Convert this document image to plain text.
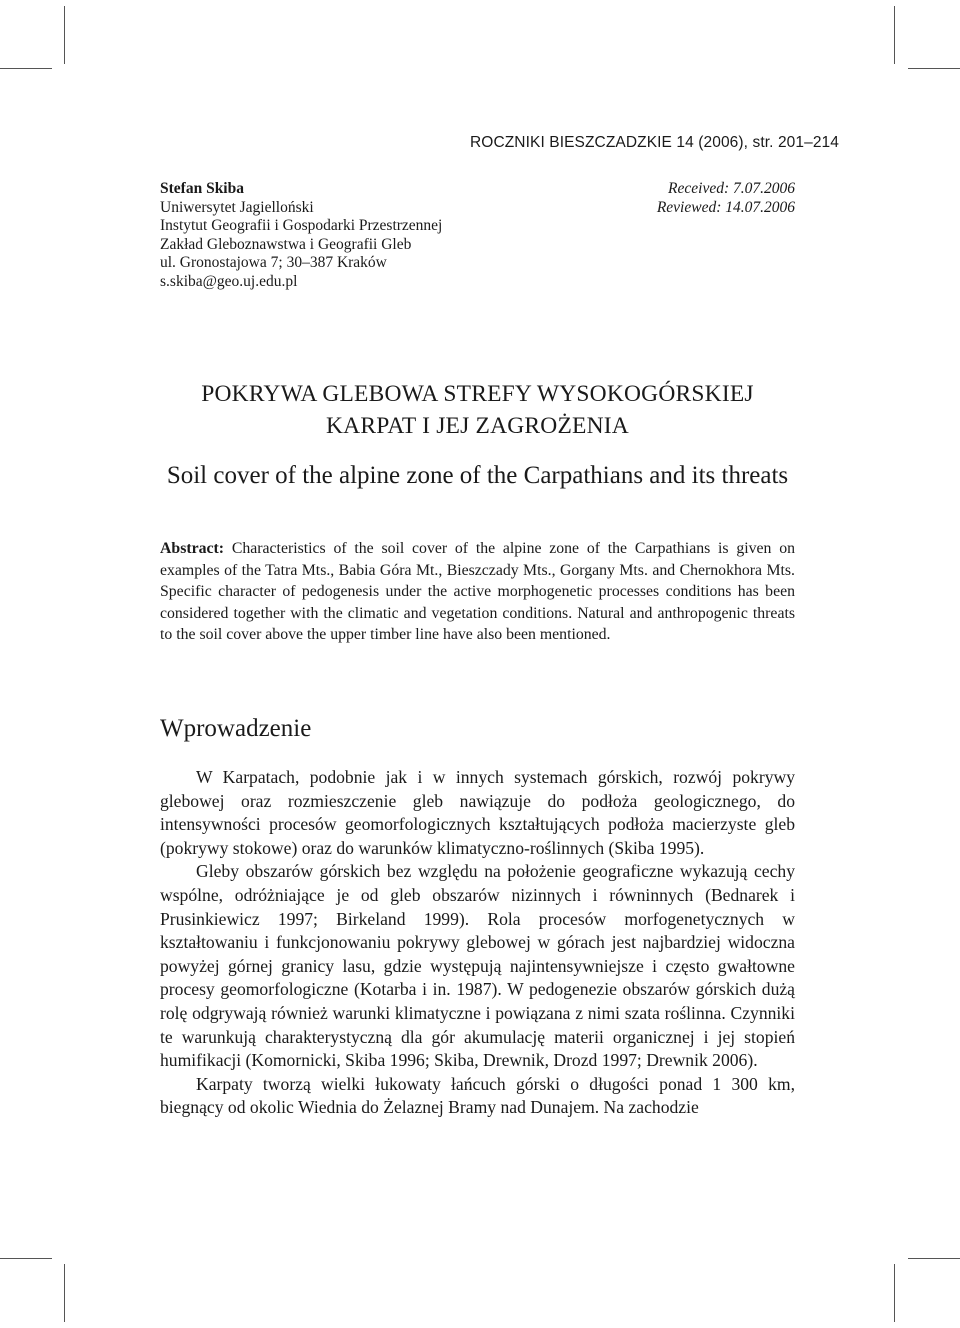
ROCZNIKI BIESZCZADZKIE 14 (2006), str. 201–214
Stefan Skiba
Uniwersytet Jagielloński
Instytut Geografii i Gospodarki Przestrzennej
Zakład Gleboznawstwa i Geografii Gleb
ul. Gronostajowa 7; 30–387 Kraków
s.skiba@geo.uj.edu.pl
Received: 7.07.2006
Reviewed: 14.07.2006
POKRYWA GLEBOWA STREFY WYSOKOGÓRSKIEJ
KARPAT I JEJ ZAGROŻENIA
Soil cover of the alpine zone of the Carpathians and its threats
Abstract: Characteristics of the soil cover of the alpine zone of the Carpathians is given on examples of the Tatra Mts., Babia Góra Mt., Bieszczady Mts., Gorgany Mts. and Chernokhora Mts. Specific character of pedogenesis under the active morphogenetic processes conditions has been considered together with the climatic and vegetation conditions. Natural and anthropogenic threats to the soil cover above the upper timber line have also been mentioned.
Wprowadzenie

W Karpatach, podobnie jak i w innych systemach górskich, rozwój pokrywy glebowej oraz rozmieszczenie gleb nawiązuje do podłoża geologicznego, do intensywności procesów geomorfologicznych kształtujących podłoża macierzyste gleb (pokrywy stokowe) oraz do warunków klimatyczno-roślinnych (Skiba 1995).

Gleby obszarów górskich bez względu na położenie geograficzne wykazują cechy wspólne, odróżniające je od gleb obszarów nizinnych i równinnych (Bednarek i Prusinkiewicz 1997; Birkeland 1999). Rola procesów morfogenetycznych w kształtowaniu i funkcjonowaniu pokrywy glebowej w górach jest najbardziej widoczna powyżej górnej granicy lasu, gdzie występują najintensywniejsze i często gwałtowne procesy geomorfologiczne (Kotarba i in. 1987). W pedogenezie obszarów górskich dużą rolę odgrywają również warunki klimatyczne i powiązana z nimi szata roślinna. Czynniki te warunkują charakterystyczną dla gór akumulację materii organicznej i jej stopień humifikacji (Komornicki, Skiba 1996; Skiba, Drewnik, Drozd 1997; Drewnik 2006).

Karpaty tworzą wielki łukowaty łańcuch górski o długości ponad 1 300 km, biegnący od okolic Wiednia do Żelaznej Bramy nad Dunajem. Na zachodzie
